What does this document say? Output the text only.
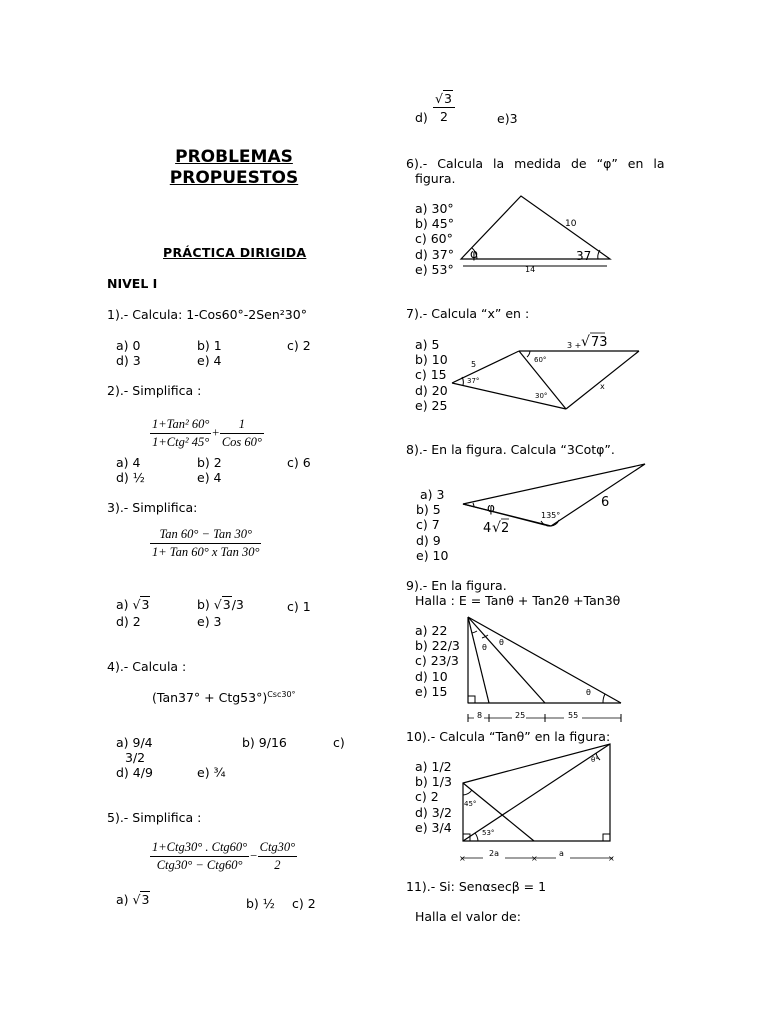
PROBLEMAS
PROPUESTOS
PRÁCTICA DIRIGIDA
NIVEL I
1).- Calcula: 1-Cos60°-2Sen²30°
a) 0	b) 1	c) 2
d) 3	e) 4
2).- Simplifica :
$\frac{\text{1+Tan² 60°}}{\text{1+Ctg² 45°}} + \frac{1}{\text{Cos 60°}}$
a) 4	b) 2	c) 6
d) ½	e) 4
3).- Simplifica:
$\frac{\text{Tan 60° − Tan 30°}}{\text{1+ Tan 60° x Tan 30°}}$
a) √3	b) √3/3	c) 1
d) 2	e) 3
4).- Calcula :
$(Tan37^\circ + Ctg53^\circ)^{Csc30^\circ}$
a) 9/4	b) 9/16	c)
3/2
d) 4/9	e) ¾
5).- Simplifica :
$\frac{\text{1+Ctg30° . Ctg60°}}{\text{Ctg30° − Ctg60°}} - \frac{\text{Ctg30°}}{2}$
a) √3	b) ½ c) 2
$d) \frac{√3}{2}$	e)3
6).- Calcula la medida de “φ” en la
figura.
a) 30°
b) 45°
c) 60°
d) 37°
e) 53°
φ
10
14
37
7).- Calcula “x” en :
a) 5
b) 10
c) 15
d) 20
e) 25
3 + √ 73
5	60°
37°
30°
x
8).- En la figura. Calcula “3Cotφ”.
a) 3
b) 5
c) 7
d) 9
e) 10
φ	6
135°
4 √ 2
9).- En la figura.
Halla : E = Tanθ + Tan2θ +Tan3θ
a) 22
b) 22/3
c) 23/3
d) 10
e) 15
θ
θ
θ
8	25	55
10).- Calcula “Tanθ” en la figura:
a) 1/2
b) 1/3
c) 2
d) 3/2
e) 3/4
θ°
45°
53°
×	×	×
2a	a
11).- Si: Senαsecβ = 1
Halla el valor de:
